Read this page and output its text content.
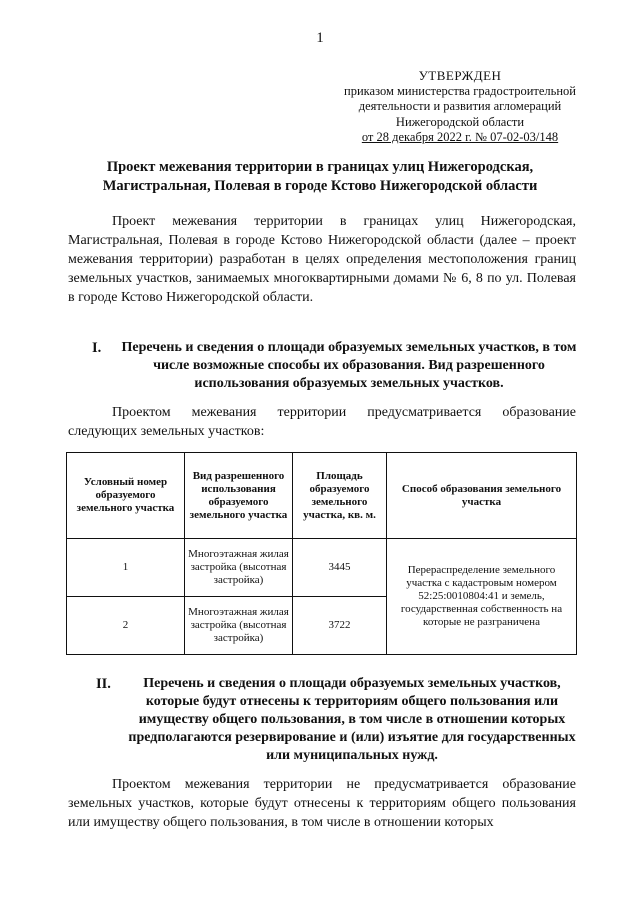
1
УТВЕРЖДЕН
приказом министерства градостроительной
деятельности и развития агломераций
Нижегородской области
от 28 декабря 2022 г. № 07-02-03/148
Проект межевания территории в границах улиц Нижегородская,
Магистральная, Полевая в городе Кстово Нижегородской области
Проект межевания территории в границах улиц Нижегородская, Магистральная, Полевая в городе Кстово Нижегородской области (далее – проект межевания территории) разработан в целях определения местоположения границ земельных участков, занимаемых многоквартирными домами № 6, 8 по ул. Полевая в городе Кстово Нижегородской области.
I. Перечень и сведения о площади образуемых земельных участков, в том числе возможные способы их образования. Вид разрешенного использования образуемых земельных участков.
Проектом межевания территории предусматривается образование следующих земельных участков:
Условный номер образуемого земельного участка	Вид разрешенного использования образуемого земельного участка	Площадь образуемого земельного участка, кв. м.	Способ образования земельного участка
1	Многоэтажная жилая застройка (высотная застройка)	3445	Перераспределение земельного участка с кадастровым номером 52:25:0010804:41 и земель, государственная собственность на которые не разграничена
2	Многоэтажная жилая застройка (высотная застройка)	3722	
II.	Перечень и сведения о площади образуемых земельных участков, которые будут отнесены к территориям общего пользования или имуществу общего пользования, в том числе в отношении которых предполагаются резервирование и (или) изъятие для государственных или муниципальных нужд.
Проектом межевания территории не предусматривается образование земельных участков, которые будут отнесены к территориям общего пользования или имуществу общего пользования, в том числе в отношении которых
